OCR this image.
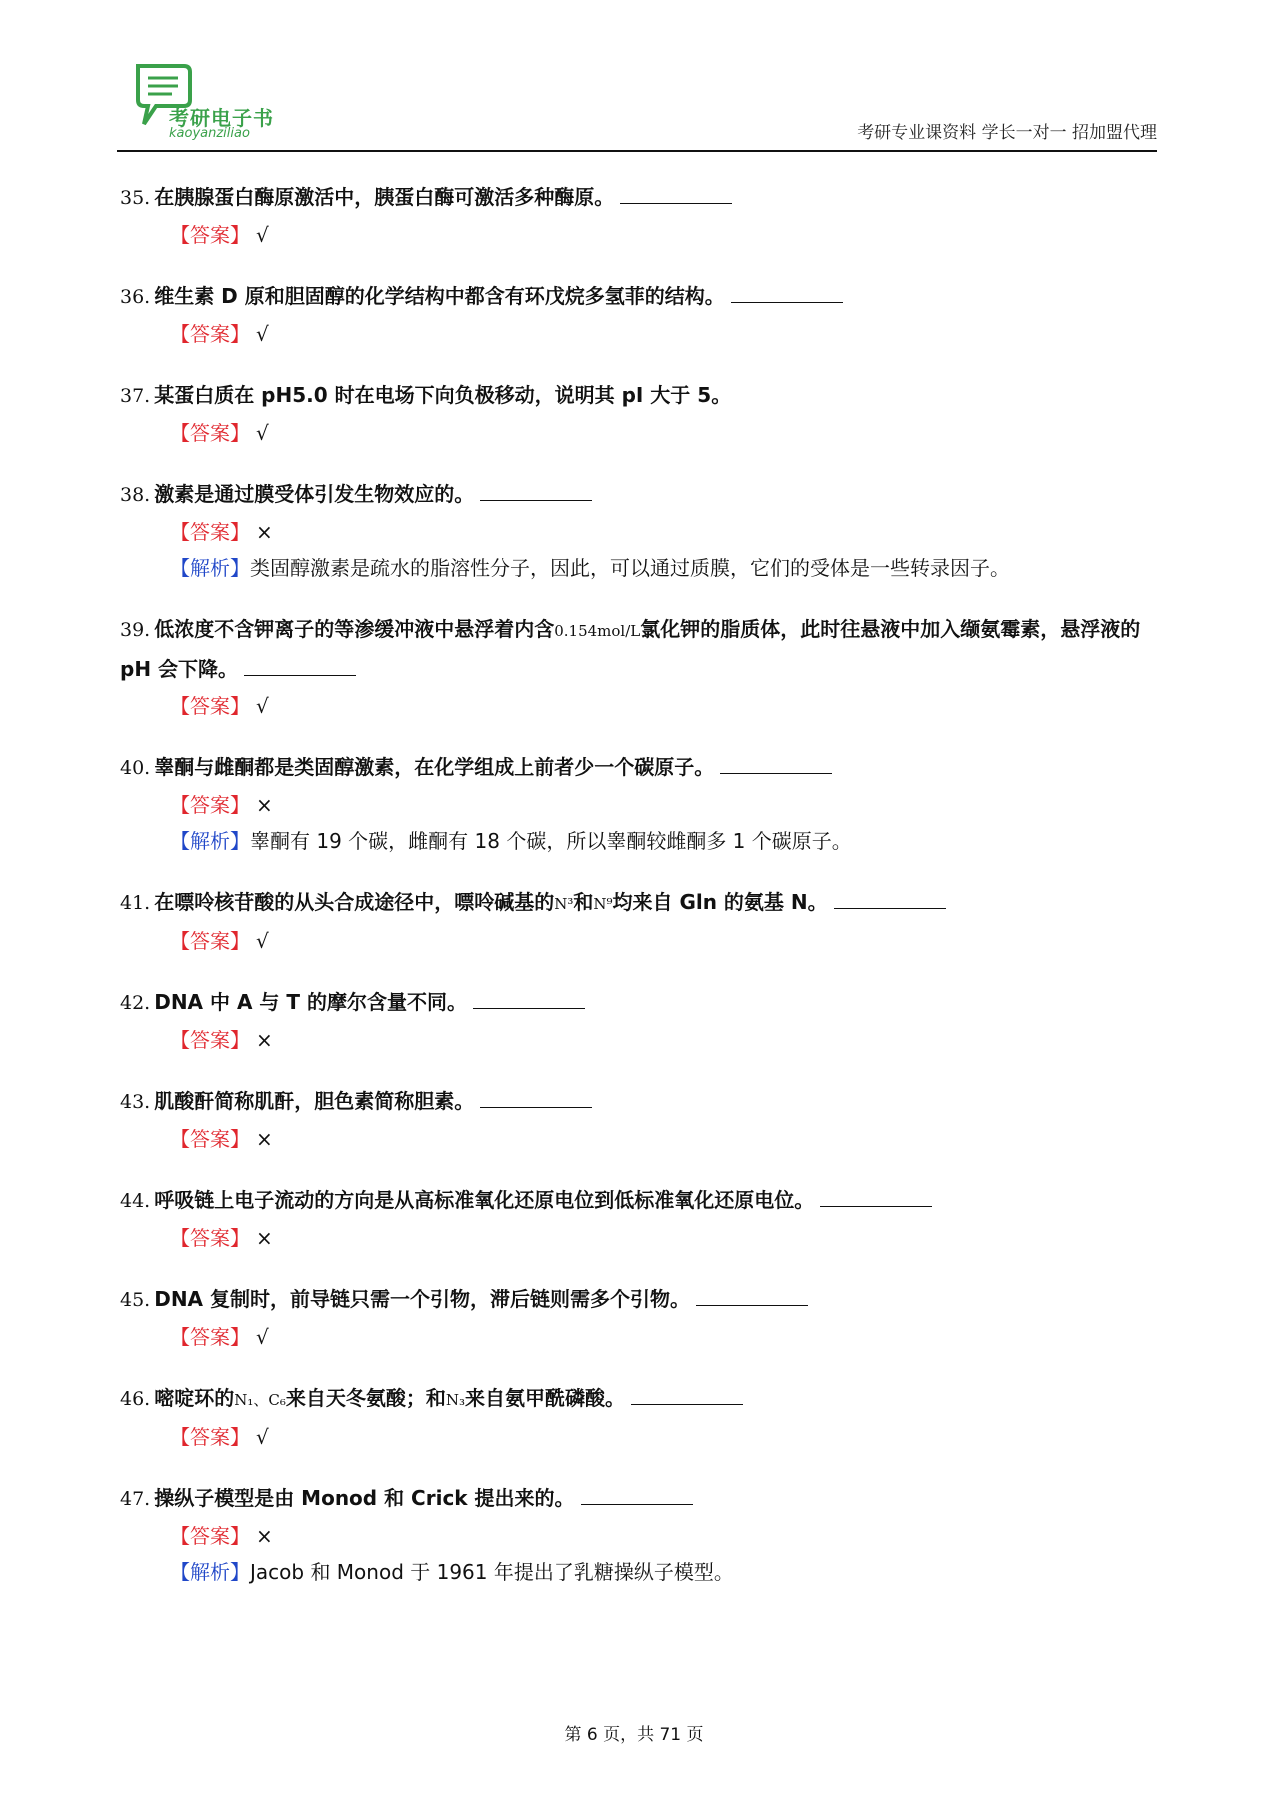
考研电子书
kaoyanziliao	考研专业课资料 学长一对一 招加盟代理
35. 在胰腺蛋白酶原激活中，胰蛋白酶可激活多种酶原。
【答案】 √
36. 维生素 D 原和胆固醇的化学结构中都含有环戊烷多氢菲的结构。
【答案】 √
37. 某蛋白质在 pH5.0 时在电场下向负极移动，说明其 pI 大于 5。
【答案】 √
38. 激素是通过膜受体引发生物效应的。
【答案】 ×
【解析】类固醇激素是疏水的脂溶性分子，因此，可以通过质膜，它们的受体是一些转录因子。
39. 低浓度不含钾离子的等渗缓冲液中悬浮着内含0.154mol/L氯化钾的脂质体，此时往悬液中加入缬氨霉素，悬浮液的 pH 会下降。
【答案】 √
40. 睾酮与雌酮都是类固醇激素，在化学组成上前者少一个碳原子。
【答案】 ×
【解析】睾酮有 19 个碳，雌酮有 18 个碳，所以睾酮较雌酮多 1 个碳原子。
41. 在嘌呤核苷酸的从头合成途径中，嘌呤碱基的N³和N⁹均来自 Gln 的氨基 N。
【答案】 √
42. DNA 中 A 与 T 的摩尔含量不同。
【答案】 ×
43. 肌酸酐简称肌酐，胆色素简称胆素。
【答案】 ×
44. 呼吸链上电子流动的方向是从高标准氧化还原电位到低标准氧化还原电位。
【答案】 ×
45. DNA 复制时，前导链只需一个引物，滞后链则需多个引物。
【答案】 √
46. 嘧啶环的N₁、C₆来自天冬氨酸；和N₃来自氨甲酰磷酸。
【答案】 √
47. 操纵子模型是由 Monod 和 Crick 提出来的。
【答案】 ×
【解析】Jacob 和 Monod 于 1961 年提出了乳糖操纵子模型。
第 6 页，共 71 页
